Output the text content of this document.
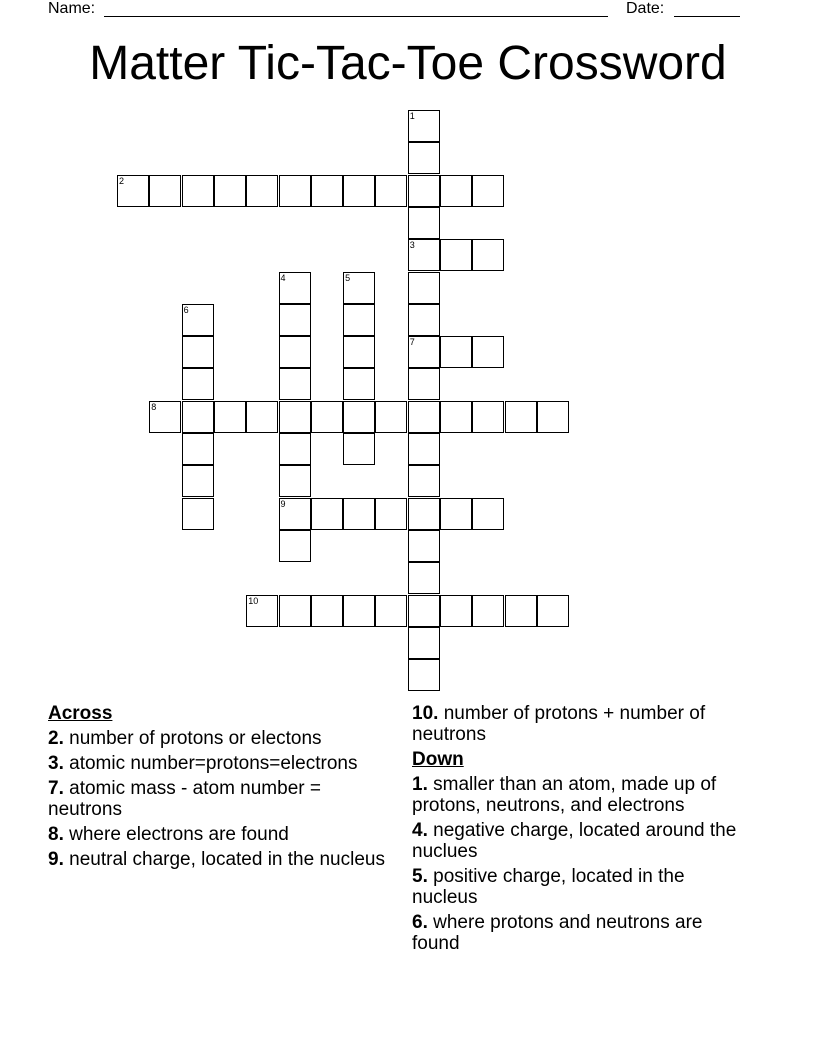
Name:	Date:
Matter Tic-Tac-Toe Crossword
1
3
7
2
4
9
5
6
8
10
Across
2. number of protons or electons
3. atomic number=protons=electrons
7. atomic mass - atom number = neutrons
8. where electrons are found
9. neutral charge, located in the nucleus
10. number of protons + number of neutrons
Down
1. smaller than an atom, made up of protons, neutrons, and electrons
4. negative charge, located around the nuclues
5. positive charge, located in the nucleus
6. where protons and neutrons are found
